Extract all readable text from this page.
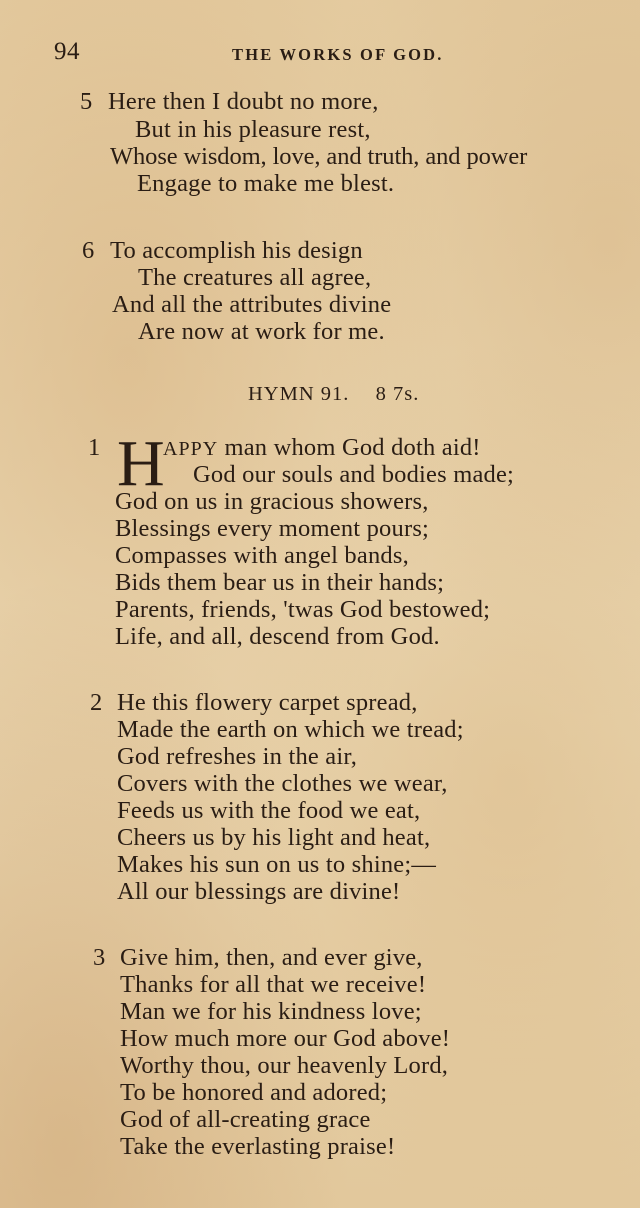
94	THE WORKS OF GOD.
5 Here then I doubt no more,
But in his pleasure rest,
Whose wisdom, love, and truth, and power
Engage to make me blest.
6 To accomplish his design
The creatures all agree,
And all the attributes divine
Are now at work for me.
HYMN 91. 8 7s.
1 H
APPY man whom God doth aid!
God our souls and bodies made;
God on us in gracious showers,
Blessings every moment pours;
Compasses with angel bands,
Bids them bear us in their hands;
Parents, friends, 'twas God bestowed;
Life, and all, descend from God.
2 He this flowery carpet spread,
Made the earth on which we tread;
God refreshes in the air,
Covers with the clothes we wear,
Feeds us with the food we eat,
Cheers us by his light and heat,
Makes his sun on us to shine;—
All our blessings are divine!
3 Give him, then, and ever give,
Thanks for all that we receive!
Man we for his kindness love;
How much more our God above!
Worthy thou, our heavenly Lord,
To be honored and adored;
God of all-creating grace
Take the everlasting praise!
